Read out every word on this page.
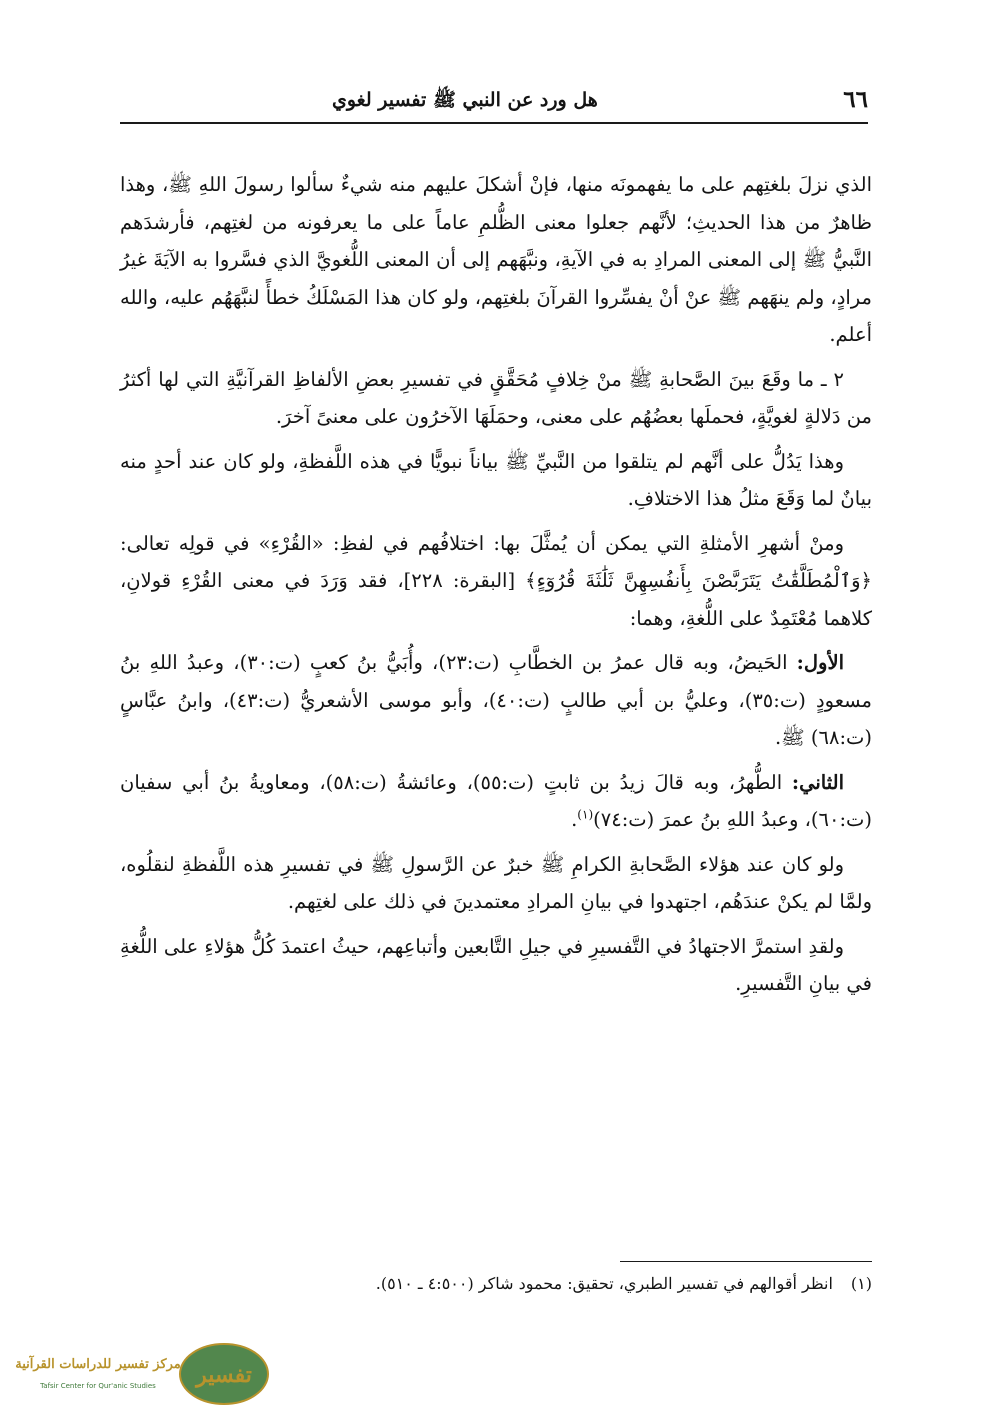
٦٦
هل ورد عن النبي ﷺ تفسير لغوي

الذي نزلَ بلغتِهم على ما يفهمونَه منها، فإنْ أشكلَ عليهم منه شيءٌ سألوا رسولَ اللهِ ﷺ، وهذا ظاهرٌ من هذا الحديثِ؛ لأنَّهم جعلوا معنى الظُّلمِ عاماً على ما يعرفونه من لغتِهم، فأرشدَهم النَّبيُّ ﷺ إلى المعنى المرادِ به في الآيةِ، ونبَّهَهم إلى أن المعنى اللُّغويَّ الذي فسَّروا به الآيَةَ غيرُ مرادٍ، ولم ينهَهم ﷺ عنْ أنْ يفسِّروا القرآنَ بلغتِهم، ولو كان هذا المَسْلَكُ خطأً لنبَّهَهُم عليه، والله أعلم.

٢ ـ ما وقَعَ بينَ الصَّحابةِ ﷺ منْ خِلافٍ مُحَقَّقٍ في تفسيرِ بعضِ الألفاظِ القرآنيَّةِ التي لها أكثرُ من دَلالةٍ لغويَّةٍ، فحملَها بعضُهُم على معنى، وحمَلَهَا الآخرُون على معنىً آخرَ.

وهذا يَدُلُّ على أنَّهم لم يتلقوا من النَّبيِّ ﷺ بياناً نبويًّا في هذه اللَّفظةِ، ولو كان عند أحدٍ منه بيانٌ لما وَقَعَ مثلُ هذا الاختلافِ.

ومنْ أشهرِ الأمثلةِ التي يمكن أن يُمثَّلَ بها: اختلافُهم في لفظِ: «القُرْءِ» في قولِه تعالى: ﴿وَٱلْمُطَلَّقَٰتُ يَتَرَبَّصْنَ بِأَنفُسِهِنَّ ثَلَٰثَةَ قُرُوٓءٍ﴾ [البقرة: ٢٢٨]، فقد وَرَدَ في معنى القُرْءِ قولانِ، كلاهما مُعْتَمِدٌ على اللُّغةِ، وهما:

الأول: الحَيضُ، وبه قال عمرُ بن الخطَّابِ (ت:٢٣)، وأُبَيُّ بنُ كعبٍ (ت:٣٠)، وعبدُ اللهِ بنُ مسعودٍ (ت:٣٥)، وعليُّ بن أبي طالبٍ (ت:٤٠)، وأبو موسى الأشعريُّ (ت:٤٣)، وابنُ عبَّاسٍ (ت:٦٨) ﷺ.

الثاني: الطُّهرُ، وبه قالَ زيدُ بن ثابتٍ (ت:٥٥)، وعائشةُ (ت:٥٨)، ومعاويةُ بنُ أبي سفيان (ت:٦٠)، وعبدُ اللهِ بنُ عمرَ (ت:٧٤)$^{(١)}$.

ولو كان عند هؤلاء الصَّحابةِ الكرامِ ﷺ خبرٌ عن الرَّسولِ ﷺ في تفسيرِ هذه اللَّفظةِ لنقلُوه، ولمَّا لم يكنْ عندَهُم، اجتهدوا في بيانِ المرادِ معتمدينَ في ذلك على لغتِهم.

ولقدِ استمرَّ الاجتهادُ في التَّفسيرِ في جيلِ التَّابعين وأتباعِهم، حيثُ اعتمدَ كُلُّ هؤلاءِ على اللُّغةِ في بيانِ التَّفسيرِ.

(١)انظر أقوالهم في تفسير الطبري، تحقيق: محمود شاكر (٤:٥٠٠ ـ ٥١٠).
تفسير
مركز تفسير للدراسات القرآنية
Tafsir Center for Qur'anic Studies
